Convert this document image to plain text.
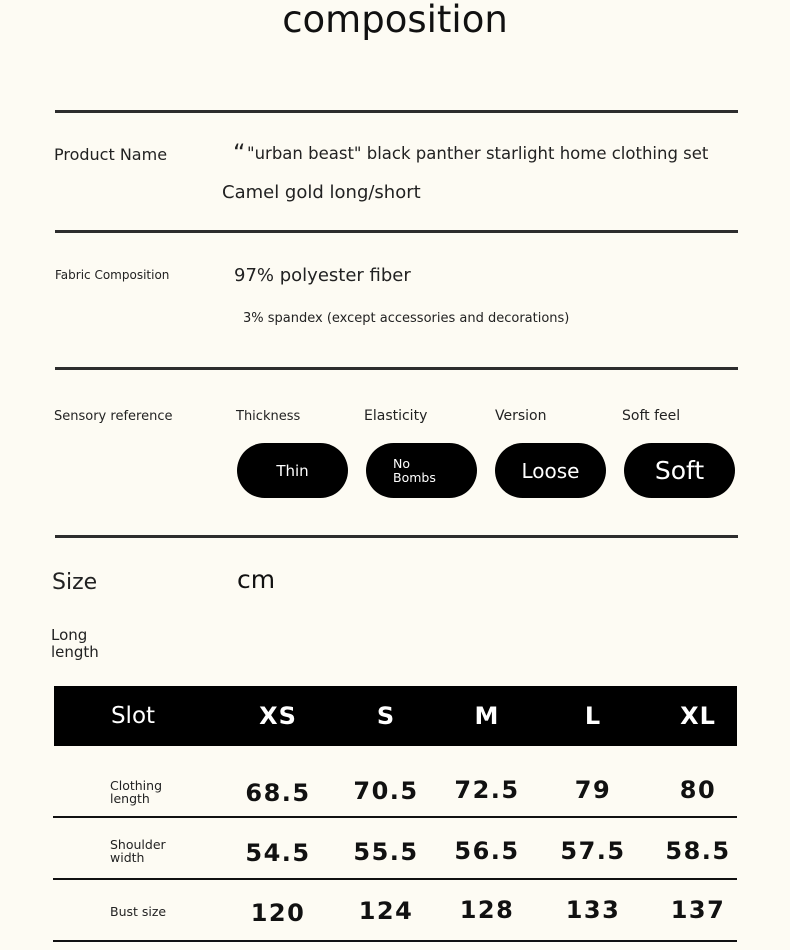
composition
Product Name	“ "urban beast" black panther starlight home clothing set
Camel gold long/short
Fabric Composition	97% polyester fiber
3% spandex (except accessories and decorations)
Sensory reference	Thickness	Elasticity	Version	Soft feel
Thin	No Bombs	Loose	Soft
Size	cm
Long length
Slot	XS	S	M	L	XL
Clothing length	68.5	70.5	72.5	79	80
Shoulder width	54.5	55.5	56.5	57.5	58.5
Bust size	120	124	128	133	137
